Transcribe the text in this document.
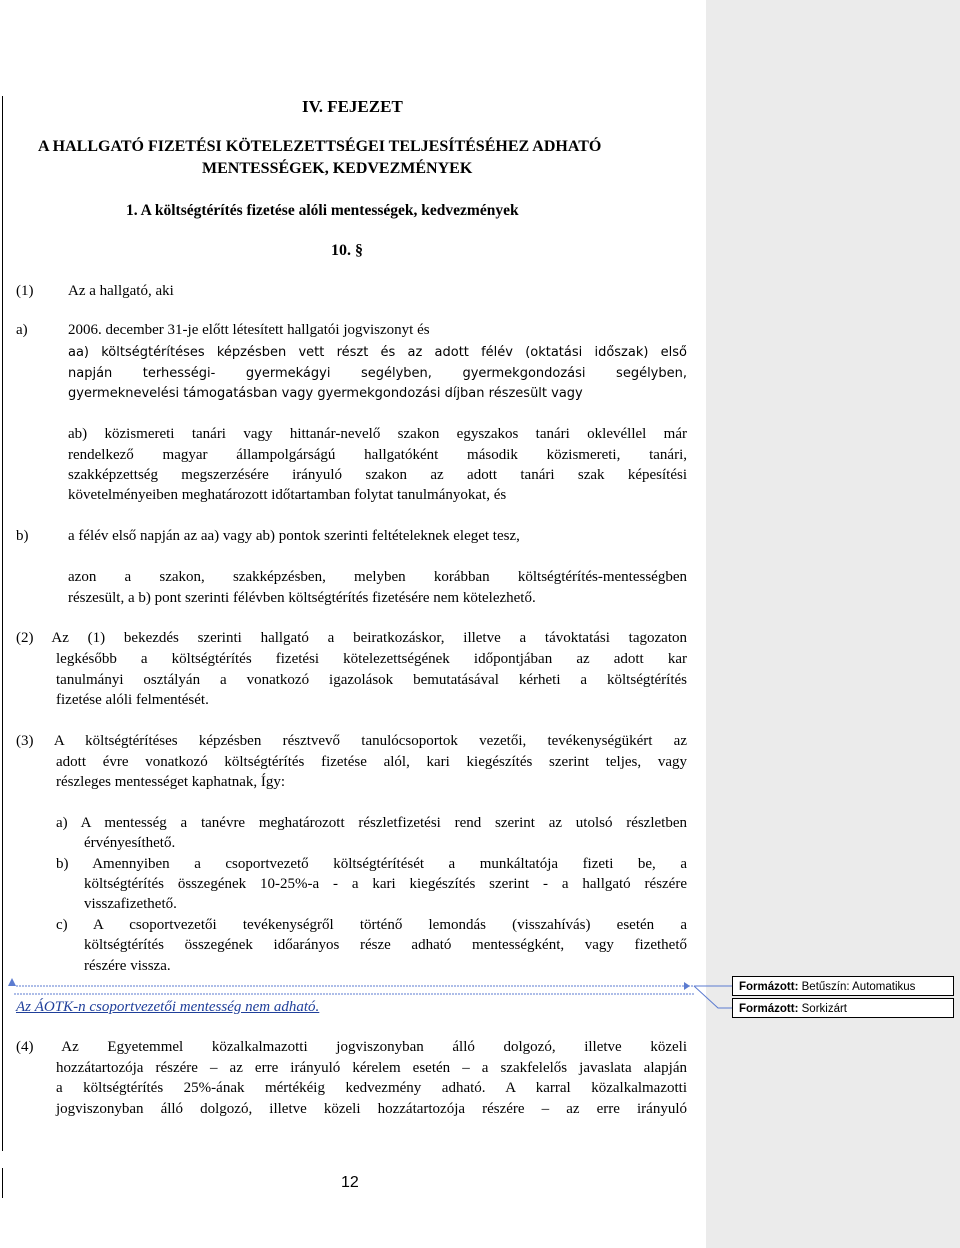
IV. FEJEZET
A HALLGATÓ FIZETÉSI KÖTELEZETTSÉGEI TELJESÍTÉSÉHEZ ADHATÓ
MENTESSÉGEK, KEDVEZMÉNYEK
1. A költségtérítés fizetése alóli mentességek, kedvezmények
10. §
(1) Az a hallgató, aki
a)	2006. december 31-je előtt létesített hallgatói jogviszonyt és
aa) költségtérítéses képzésben vett részt és az adott félév (oktatási időszak) első
napján terhességi- gyermekágyi segélyben, gyermekgondozási segélyben,
gyermeknevelési támogatásban vagy gyermekgondozási díjban részesült vagy
ab) közismereti tanári vagy hittanár-nevelő szakon egyszakos tanári oklevéllel már
rendelkező magyar állampolgárságú hallgatóként második közismereti, tanári,
szakképzettség megszerzésére irányuló szakon az adott tanári szak képesítési
követelményeiben meghatározott időtartamban folytat tanulmányokat, és
b)	a félév első napján az aa) vagy ab) pontok szerinti feltételeknek eleget tesz,
azon a szakon, szakképzésben, melyben korábban költségtérítés-mentességben
részesült, a b) pont szerinti félévben költségtérítés fizetésére nem kötelezhető.
(2) Az (1) bekezdés szerinti hallgató a beiratkozáskor, illetve a távoktatási tagozaton
legkésőbb a költségtérítés fizetési kötelezettségének időpontjában az adott kar
tanulmányi osztályán a vonatkozó igazolások bemutatásával kérheti a költségtérítés
fizetése alóli felmentését.
(3) A költségtérítéses képzésben résztvevő tanulócsoportok vezetői, tevékenységükért az
adott évre vonatkozó költségtérítés fizetése alól, kari kiegészítés szerint teljes, vagy
részleges mentességet kaphatnak, Így:
a) A mentesség a tanévre meghatározott részletfizetési rend szerint az utolsó részletben
érvényesíthető.
b) Amennyiben a csoportvezető költségtérítését a munkáltatója fizeti be, a
költségtérítés összegének 10-25%-a - a kari kiegészítés szerint - a hallgató részére
visszafizethető.
c) A csoportvezetői tevékenységről történő lemondás (visszahívás) esetén a
költségtérítés összegének időarányos része adható mentességként, vagy fizethető
részére vissza.
Az ÁOTK-n csoportvezetői mentesség nem adható.
Formázott: Betűszín: Automatikus
Formázott: Sorkizárt
(4) Az Egyetemmel közalkalmazotti jogviszonyban álló dolgozó, illetve közeli
hozzátartozója részére – az erre irányuló kérelem esetén – a szakfelelős javaslata alapján
a költségtérítés 25%-ának mértékéig kedvezmény adható. A karral közalkalmazotti
jogviszonyban álló dolgozó, illetve közeli hozzátartozója részére – az erre irányuló
12
